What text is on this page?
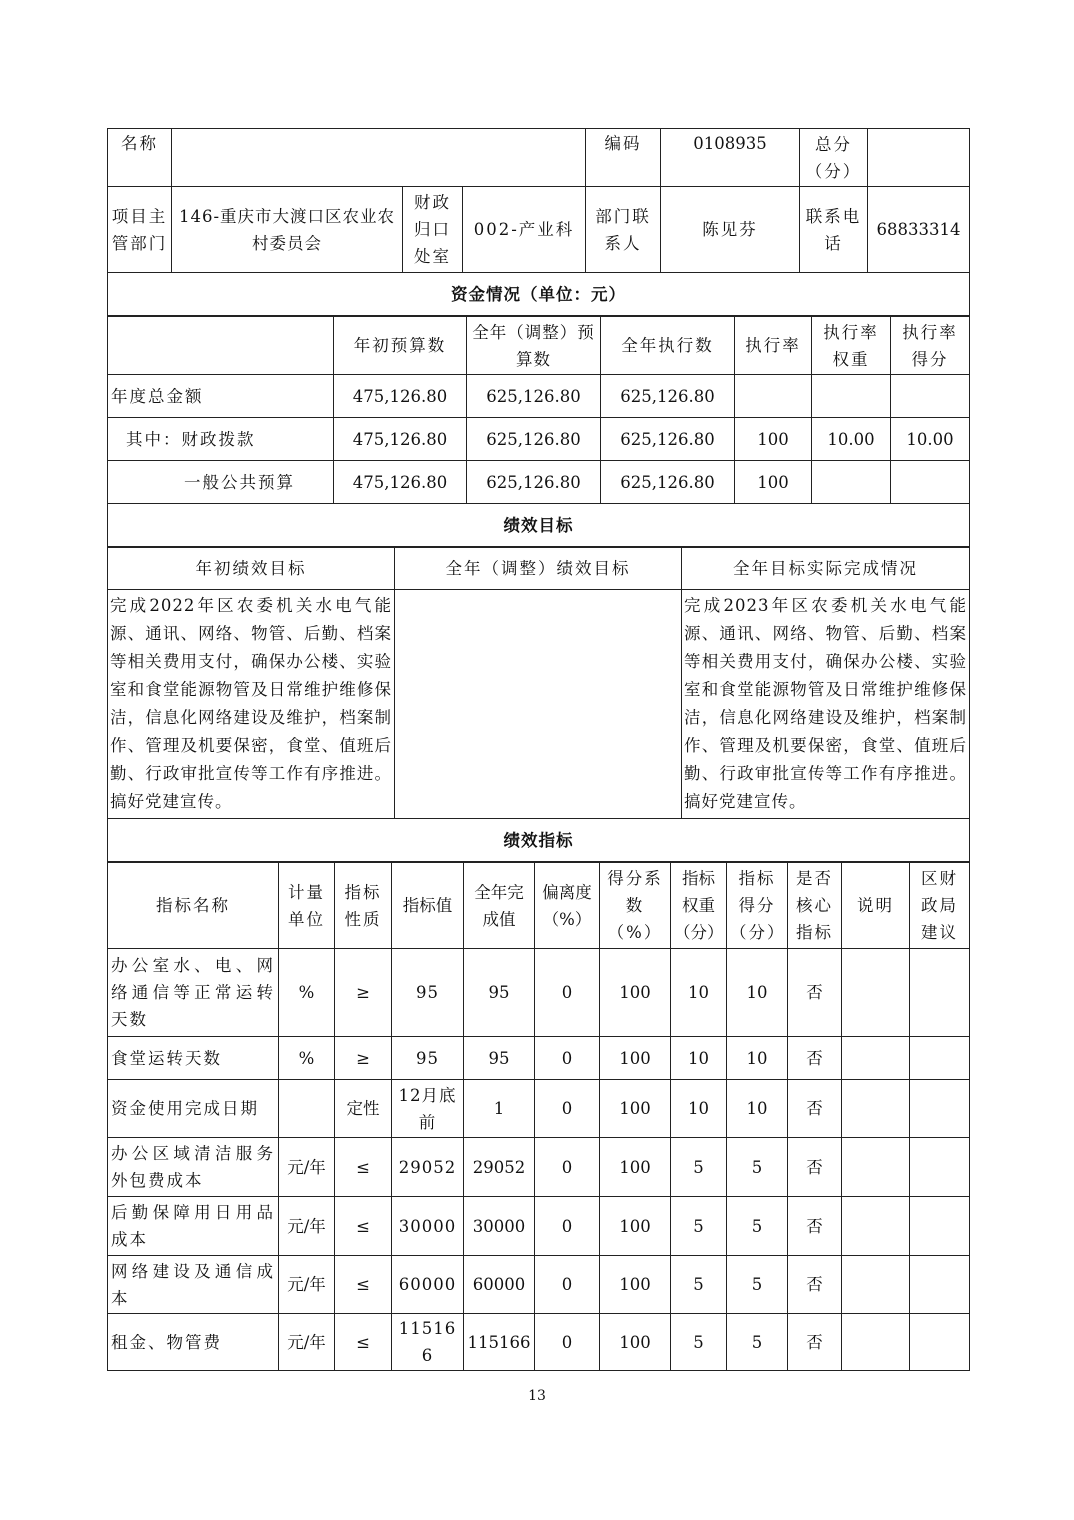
名称				编码	0108935	总分（分）	
项目主管部门	146-重庆市大渡口区农业农村委员会	财政归口处室	002-产业科	部门联系人	陈见芬	联系电话	68833314
资金情况（单位：元）							
	年初预算数	全年（调整）预算数	全年执行数	执行率	执行率权重	执行率得分
年度总金额	475,126.80	625,126.80	625,126.80			
其中：财政拨款	475,126.80	625,126.80	625,126.80	100	10.00	10.00
一般公共预算	475,126.80	625,126.80	625,126.80	100		
绩效目标						
年初绩效目标	全年（调整）绩效目标	全年目标实际完成情况
完成2022年区农委机关水电气能源、通讯、网络、物管、后勤、档案等相关费用支付，确保办公楼、实验室和食堂能源物管及日常维护维修保洁，信息化网络建设及维护，档案制作、管理及机要保密，食堂、值班后勤、行政审批宣传等工作有序推进。搞好党建宣传。		完成2023年区农委机关水电气能源、通讯、网络、物管、后勤、档案等相关费用支付，确保办公楼、实验室和食堂能源物管及日常维护维修保洁，信息化网络建设及维护，档案制作、管理及机要保密，食堂、值班后勤、行政审批宣传等工作有序推进。搞好党建宣传。
绩效指标		
指标名称	计量单位	指标性质	指标值	全年完成值	偏离度（%）	得分系数（%）	指标权重（分）	指标得分（分）	是否核心指标	说明	区财政局建议
办公室水、电、网络通信等正常运转天数	%	≥	95	95	0	100	10	10	否		
食堂运转天数	%	≥	95	95	0	100	10	10	否		
资金使用完成日期		定性	12月底前	1	0	100	10	10	否		
办公区域清洁服务外包费成本	元/年	≤	29052	29052	0	100	5	5	否		
后勤保障用日用品成本	元/年	≤	30000	30000	0	100	5	5	否		
网络建设及通信成本	元/年	≤	60000	60000	0	100	5	5	否		
租金、物管费	元/年	≤	115166	115166	0	100	5	5	否		
13
